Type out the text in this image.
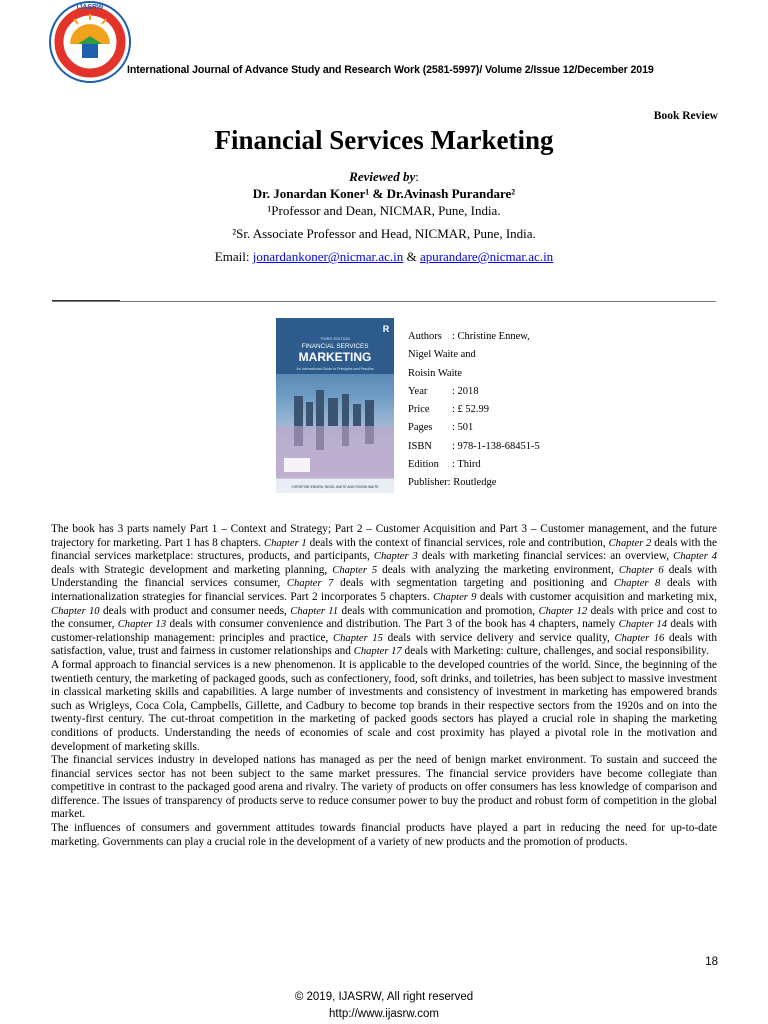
IJASRW
International Journal of Advance Study and Research Work (2581-5997)/ Volume 2/Issue 12/December 2019
Book Review
Financial Services Marketing
Reviewed by:
Dr. Jonardan Koner¹ & Dr.Avinash Purandare²
¹Professor and Dean, NICMAR, Pune, India.
²Sr. Associate Professor and Head, NICMAR, Pune, India.
Email: jonardankoner@nicmar.ac.in & apurandare@nicmar.ac.in
THIRD EDITION
FINANCIAL SERVICES
MARKETING
An International Guide to Principles and Practice
R
CHRISTINE ENNEW, NIGEL WAITE AND ROISIN WAITE
Authors : Christine Ennew,
Nigel Waite and
Roisin Waite
Year : 2018
Price : £ 52.99
Pages : 501
ISBN : 978-1-138-68451-5
Edition : Third
Publisher: Routledge

The book has 3 parts namely Part 1 – Context and Strategy; Part 2 – Customer Acquisition and Part 3 – Customer management, and the future trajectory for marketing. Part 1 has 8 chapters. Chapter 1 deals with the context of financial services, role and contribution, Chapter 2 deals with the financial services marketplace: structures, products, and participants, Chapter 3 deals with marketing financial services: an overview, Chapter 4 deals with Strategic development and marketing planning, Chapter 5 deals with analyzing the marketing environment, Chapter 6 deals with Understanding the financial services consumer, Chapter 7 deals with segmentation targeting and positioning and Chapter 8 deals with internationalization strategies for financial services. Part 2 incorporates 5 chapters. Chapter 9 deals with customer acquisition and marketing mix, Chapter 10 deals with product and consumer needs, Chapter 11 deals with communication and promotion, Chapter 12 deals with price and cost to the consumer, Chapter 13 deals with consumer convenience and distribution. The Part 3 of the book has 4 chapters, namely Chapter 14 deals with customer-relationship management: principles and practice, Chapter 15 deals with service delivery and service quality, Chapter 16 deals with satisfaction, value, trust and fairness in customer relationships and Chapter 17 deals with Marketing: culture, challenges, and social responsibility.

A formal approach to financial services is a new phenomenon. It is applicable to the developed countries of the world. Since, the beginning of the twentieth century, the marketing of packaged goods, such as confectionery, food, soft drinks, and toiletries, has been subject to massive investment in classical marketing skills and capabilities. A large number of investments and consistency of investment in marketing has empowered brands such as Wrigleys, Coca Cola, Campbells, Gillette, and Cadbury to become top brands in their respective sectors from the 1920s and on into the twenty-first century. The cut-throat competition in the marketing of packed goods sectors has played a crucial role in shaping the marketing conditions of products. Understanding the needs of economies of scale and cost proximity has played a pivotal role in the motivation and development of marketing skills.

The financial services industry in developed nations has managed as per the need of benign market environment. To sustain and succeed the financial services sector has not been subject to the same market pressures. The financial service providers have become collegiate than competitive in contrast to the packaged good arena and rivalry. The variety of products on offer consumers has less knowledge of comparison and difference. The issues of transparency of products serve to reduce consumer power to buy the product and robust form of competition in the global market.

The influences of consumers and government attitudes towards financial products have played a part in reducing the need for up-to-date marketing. Governments can play a crucial role in the development of a variety of new products and the promotion of products.

18
© 2019, IJASRW, All right reserved
http://www.ijasrw.com
